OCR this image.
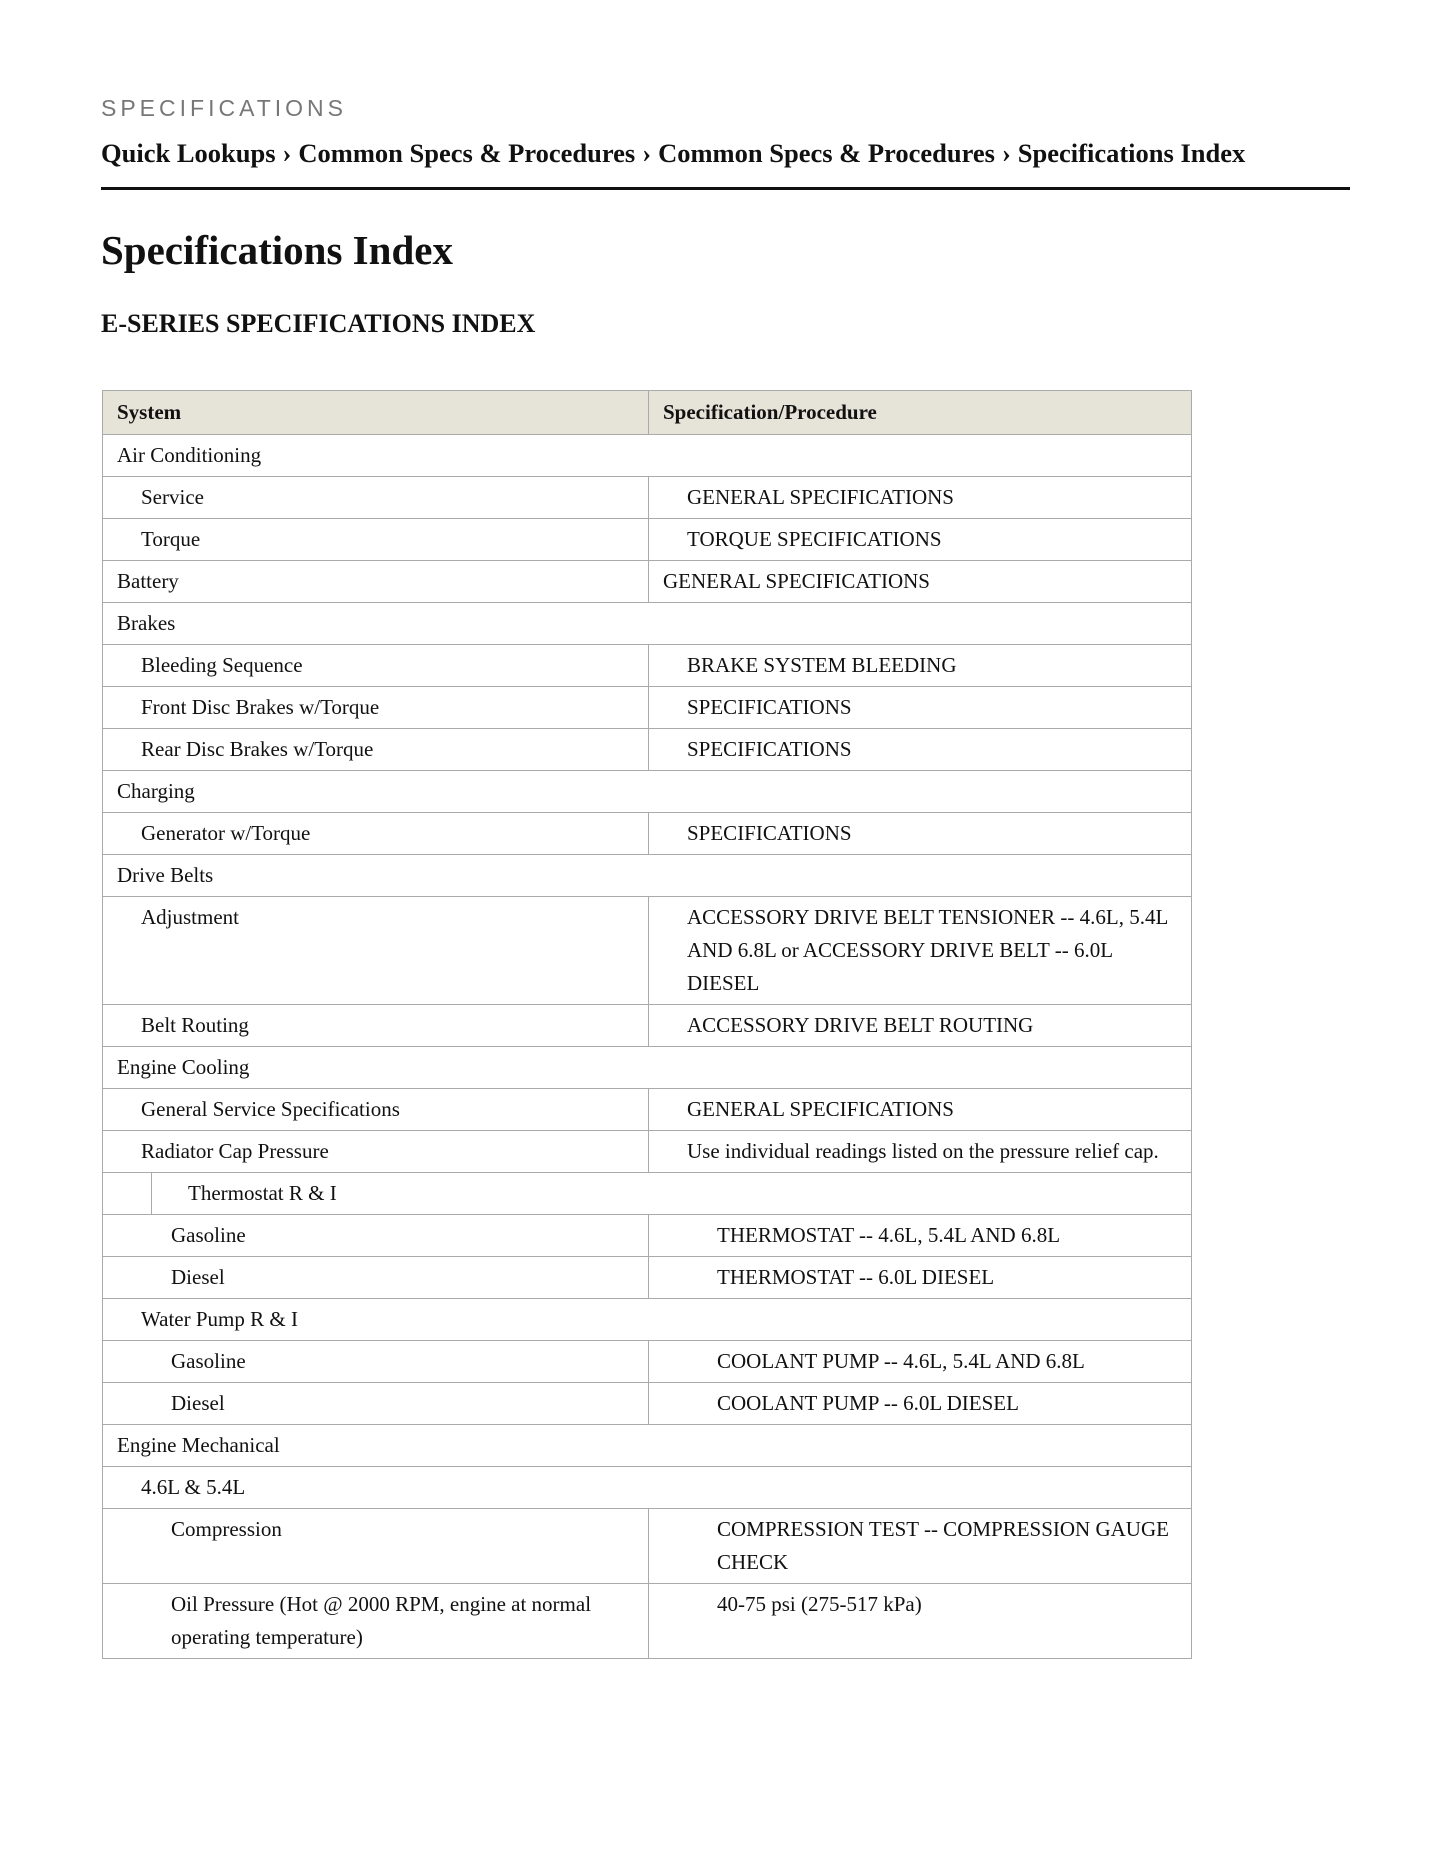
SPECIFICATIONS
Quick Lookups › Common Specs & Procedures › Common Specs & Procedures › Specifications Index
Specifications Index
E-SERIES SPECIFICATIONS INDEX
System	Specification/Procedure
Air Conditioning
Service	GENERAL SPECIFICATIONS
Torque	TORQUE SPECIFICATIONS
Battery	GENERAL SPECIFICATIONS
Brakes
Bleeding Sequence	BRAKE SYSTEM BLEEDING
Front Disc Brakes w/Torque	SPECIFICATIONS
Rear Disc Brakes w/Torque	SPECIFICATIONS
Charging
Generator w/Torque	SPECIFICATIONS
Drive Belts
Adjustment	ACCESSORY DRIVE BELT TENSIONER -- 4.6L, 5.4L AND 6.8L or ACCESSORY DRIVE BELT -- 6.0L DIESEL
Belt Routing	ACCESSORY DRIVE BELT ROUTING
Engine Cooling
General Service Specifications	GENERAL SPECIFICATIONS
Radiator Cap Pressure	Use individual readings listed on the pressure relief cap.

	Thermostat R & I

Gasoline	THERMOSTAT -- 4.6L, 5.4L AND 6.8L
Diesel	THERMOSTAT -- 6.0L DIESEL
Water Pump R & I
Gasoline	COOLANT PUMP -- 4.6L, 5.4L AND 6.8L
Diesel	COOLANT PUMP -- 6.0L DIESEL
Engine Mechanical
4.6L & 5.4L
Compression	COMPRESSION TEST -- COMPRESSION GAUGE CHECK
Oil Pressure (Hot @ 2000 RPM, engine at normal operating temperature)	40-75 psi (275-517 kPa)
